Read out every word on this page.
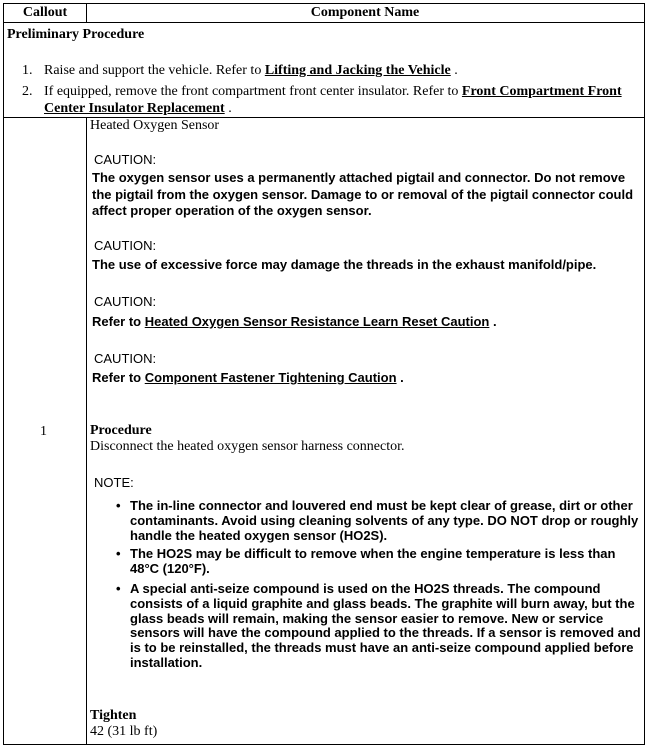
Callout	Component Name
Preliminary Procedure
1. Raise and support the vehicle. Refer to Lifting and Jacking the Vehicle .
2. If equipped, remove the front compartment front center insulator. Refer to Front Compartment Front Center Insulator Replacement .
1
Heated Oxygen Sensor
CAUTION:
The oxygen sensor uses a permanently attached pigtail and connector. Do not remove the pigtail from the oxygen sensor. Damage to or removal of the pigtail connector could affect proper operation of the oxygen sensor.
CAUTION:
The use of excessive force may damage the threads in the exhaust manifold/pipe.
CAUTION:
Refer to Heated Oxygen Sensor Resistance Learn Reset Caution .
CAUTION:
Refer to Component Fastener Tightening Caution .
Procedure
Disconnect the heated oxygen sensor harness connector.
NOTE:
• The in-line connector and louvered end must be kept clear of grease, dirt or other contaminants. Avoid using cleaning solvents of any type. DO NOT drop or roughly handle the heated oxygen sensor (HO2S).
• The HO2S may be difficult to remove when the engine temperature is less than 48°C (120°F).
• A special anti-seize compound is used on the HO2S threads. The compound consists of a liquid graphite and glass beads. The graphite will burn away, but the glass beads will remain, making the sensor easier to remove. New or service sensors will have the compound applied to the threads. If a sensor is removed and is to be reinstalled, the threads must have an anti-seize compound applied before installation.
Tighten
42 (31 lb ft)
